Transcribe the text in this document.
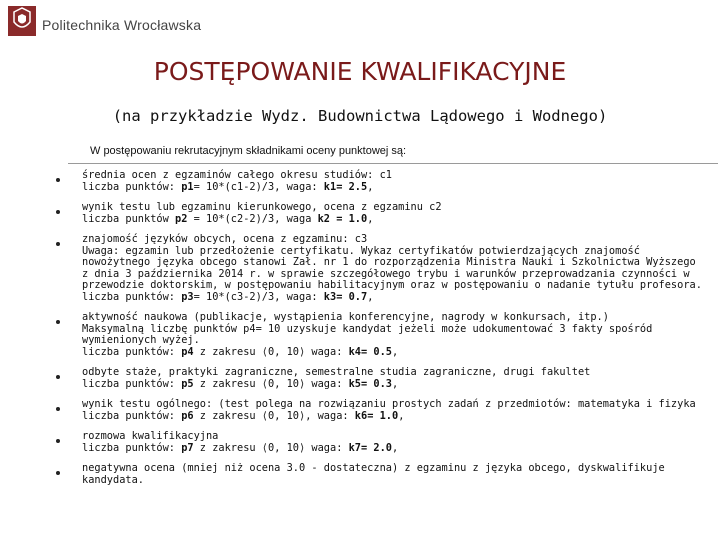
Politechnika Wrocławska
POSTĘPOWANIE KWALIFIKACYJNE
(na przykładzie Wydz. Budownictwa Lądowego i Wodnego)
W postępowaniu rekrutacyjnym składnikami oceny punktowej są:
średnia ocen z egzaminów całego okresu studiów: c1
liczba punktów: p1= 10*(c1-2)/3, waga: k1= 2.5,
wynik testu lub egzaminu kierunkowego, ocena z egzaminu c2
liczba punktów p2 = 10*(c2-2)/3, waga k2 = 1.0,
znajomość języków obcych, ocena z egzaminu: c3
Uwaga: egzamin lub przedłożenie certyfikatu. Wykaz certyfikatów potwierdzających znajomość nowożytnego języka obcego stanowi Zał. nr 1 do rozporządzenia Ministra Nauki i Szkolnictwa Wyższego z dnia 3 października 2014 r. w sprawie szczegółowego trybu i warunków przeprowadzania czynności w przewodzie doktorskim, w postępowaniu habilitacyjnym oraz w postępowaniu o nadanie tytułu profesora.
liczba punktów: p3= 10*(c3-2)/3, waga: k3= 0.7,
aktywność naukowa (publikacje, wystąpienia konferencyjne, nagrody w konkursach, itp.)
Maksymalną liczbę punktów p4= 10 uzyskuje kandydat jeżeli może udokumentować 3 fakty spośród wymienionych wyżej.
liczba punktów: p4 z zakresu ⟨0, 10⟩ waga: k4= 0.5,
odbyte staże, praktyki zagraniczne, semestralne studia zagraniczne, drugi fakultet
liczba punktów: p5 z zakresu ⟨0, 10⟩ waga: k5= 0.3,
wynik testu ogólnego: (test polega na rozwiązaniu prostych zadań z przedmiotów: matematyka i fizyka
liczba punktów: p6 z zakresu ⟨0, 10⟩, waga: k6= 1.0,
rozmowa kwalifikacyjna
liczba punktów: p7 z zakresu ⟨0, 10⟩ waga: k7= 2.0,
negatywna ocena (mniej niż ocena 3.0 - dostateczna) z egzaminu z języka obcego, dyskwalifikuje kandydata.
